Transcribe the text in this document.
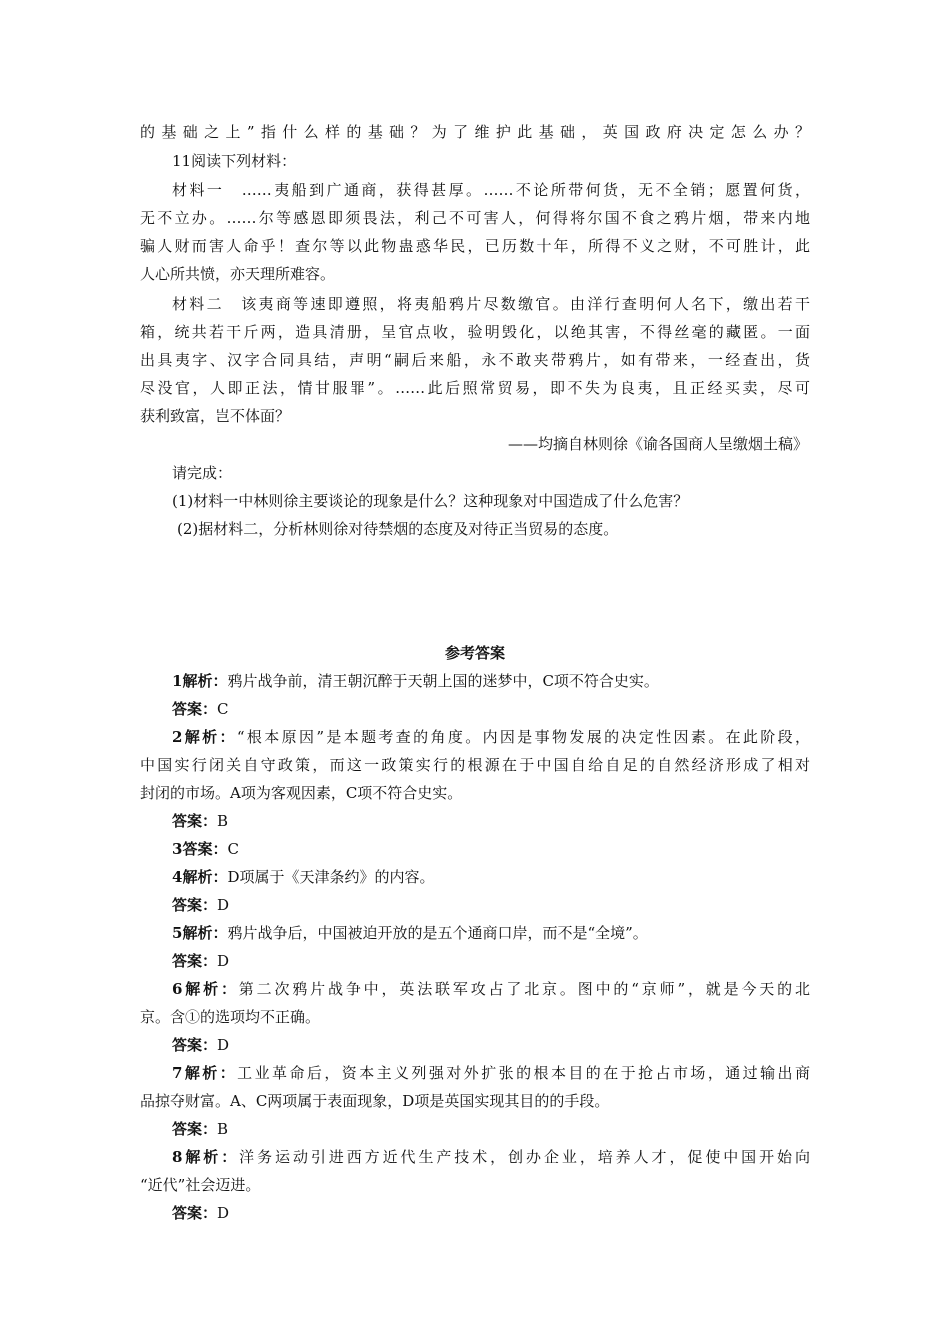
的基础之上”指什么样的基础？为了维护此基础，英国政府决定怎么办？
11阅读下列材料：
材料一　……夷船到广通商，获得甚厚。……不论所带何货，无不全销；愿置何货，
无不立办。……尔等感恩即须畏法，利己不可害人，何得将尔国不食之鸦片烟，带来内地
骗人财而害人命乎！查尔等以此物蛊惑华民，已历数十年，所得不义之财，不可胜计，此
人心所共愤，亦天理所难容。
材料二　该夷商等速即遵照，将夷船鸦片尽数缴官。由洋行查明何人名下，缴出若干
箱，统共若干斤两，造具清册，呈官点收，验明毁化，以绝其害，不得丝毫的藏匿。一面
出具夷字、汉字合同具结，声明“嗣后来船，永不敢夹带鸦片，如有带来，一经查出，货
尽没官，人即正法，情甘服罪”。……此后照常贸易，即不失为良夷，且正经买卖，尽可
获利致富，岂不体面？
——均摘自林则徐《谕各国商人呈缴烟土稿》
请完成：
(1)材料一中林则徐主要谈论的现象是什么？这种现象对中国造成了什么危害？
(2)据材料二，分析林则徐对待禁烟的态度及对待正当贸易的态度。
参考答案
1解析：鸦片战争前，清王朝沉醉于天朝上国的迷梦中，C项不符合史实。
答案：C
2解析：“根本原因”是本题考查的角度。内因是事物发展的决定性因素。在此阶段，
中国实行闭关自守政策，而这一政策实行的根源在于中国自给自足的自然经济形成了相对
封闭的市场。A项为客观因素，C项不符合史实。
答案：B
3答案：C
4解析：D项属于《天津条约》的内容。
答案：D
5解析：鸦片战争后，中国被迫开放的是五个通商口岸，而不是“全境”。
答案：D
6解析：第二次鸦片战争中，英法联军攻占了北京。图中的“京师”，就是今天的北
京。含①的选项均不正确。
答案：D
7解析：工业革命后，资本主义列强对外扩张的根本目的在于抢占市场，通过输出商
品掠夺财富。A、C两项属于表面现象，D项是英国实现其目的的手段。
答案：B
8解析：洋务运动引进西方近代生产技术，创办企业，培养人才，促使中国开始向
“近代”社会迈进。
答案：D
